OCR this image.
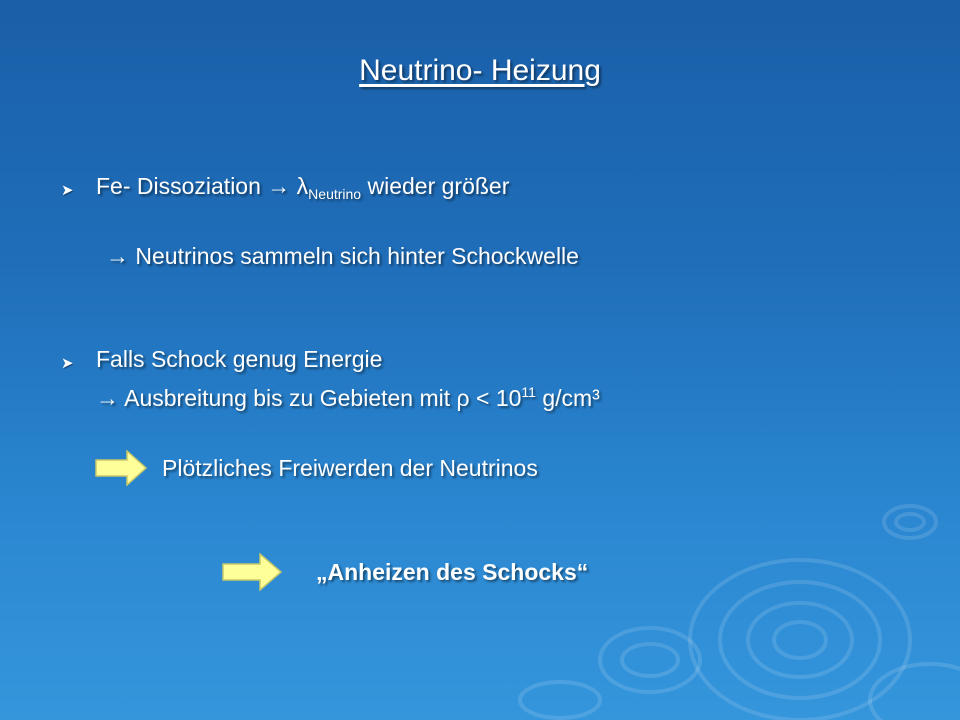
Neutrino- Heizung
➤ Fe- Dissoziation → $\lambda_{Neutrino}$ wieder größer
→ Neutrinos sammeln sich hinter Schockwelle
➤ Falls Schock genug Energie
→ Ausbreitung bis zu Gebieten mit $\rho < 10^{11}$ g/cm³
Plötzliches Freiwerden der Neutrinos
„Anheizen des Schocks“
